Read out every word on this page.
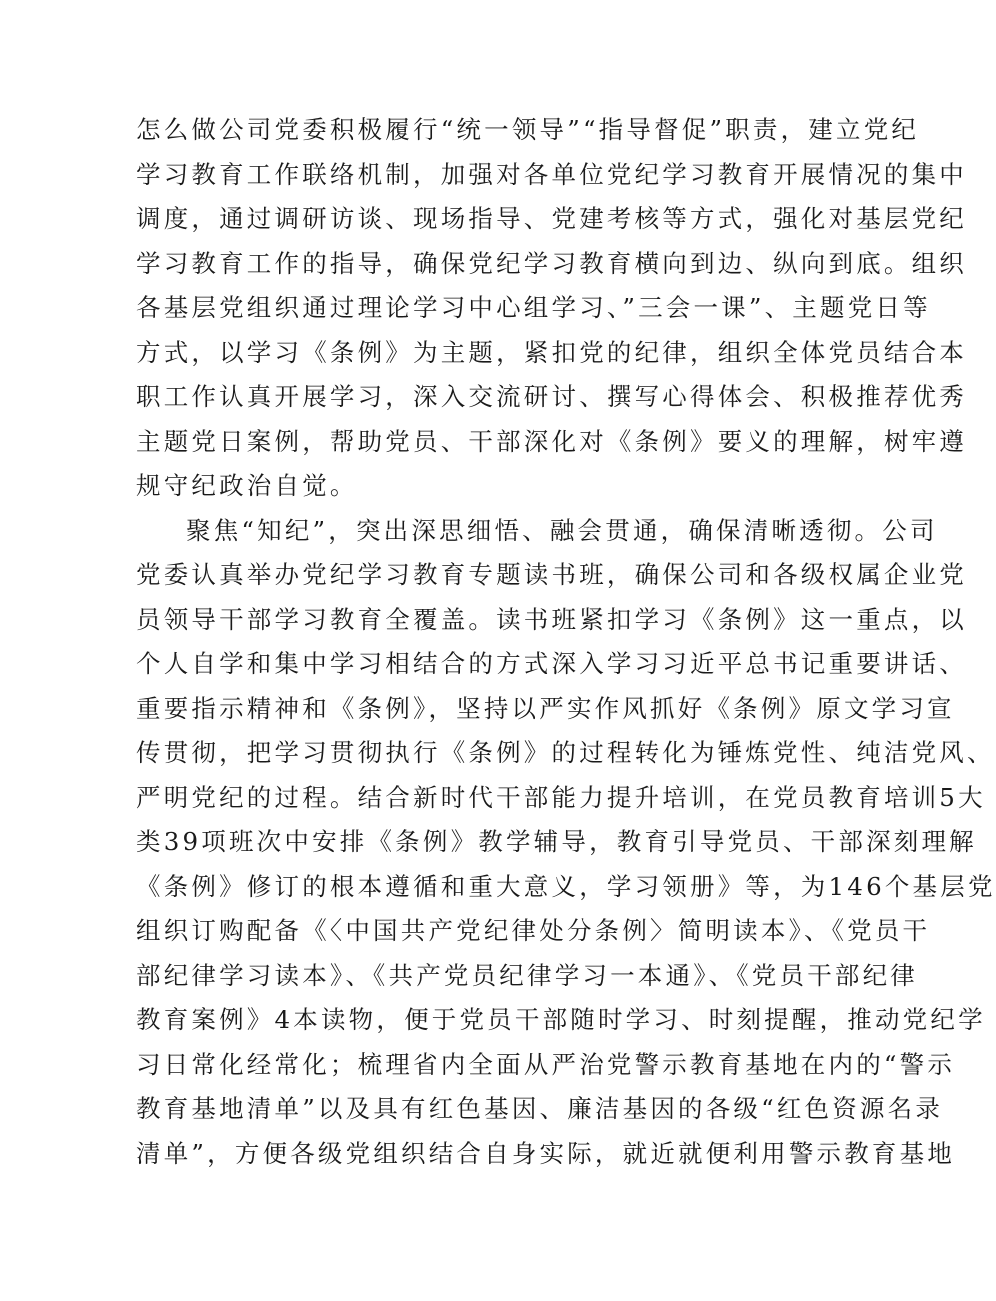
怎么做公司党委积极履行“统一领导”“指导督促”职责，建立党纪
学习教育工作联络机制，加强对各单位党纪学习教育开展情况的集中
调度，通过调研访谈、现场指导、党建考核等方式，强化对基层党纪
学习教育工作的指导，确保党纪学习教育横向到边、纵向到底。组织
各基层党组织通过理论学习中心组学习、”三会一课”、主题党日等
方式，以学习《条例》为主题，紧扣党的纪律，组织全体党员结合本
职工作认真开展学习，深入交流研讨、撰写心得体会、积极推荐优秀
主题党日案例，帮助党员、干部深化对《条例》要义的理解，树牢遵
规守纪政治自觉。

聚焦“知纪”，突出深思细悟、融会贯通，确保清晰透彻。公司
党委认真举办党纪学习教育专题读书班，确保公司和各级权属企业党
员领导干部学习教育全覆盖。读书班紧扣学习《条例》这一重点，以
个人自学和集中学习相结合的方式深入学习习近平总书记重要讲话、
重要指示精神和《条例》，坚持以严实作风抓好《条例》原文学习宣
传贯彻，把学习贯彻执行《条例》的过程转化为锤炼党性、纯洁党风、
严明党纪的过程。结合新时代干部能力提升培训，在党员教育培训5大
类39项班次中安排《条例》教学辅导，教育引导党员、干部深刻理解
《条例》修订的根本遵循和重大意义，学习领册》等，为146个基层党
组织订购配备《〈中国共产党纪律处分条例〉简明读本》、《党员干
部纪律学习读本》、《共产党员纪律学习一本通》、《党员干部纪律
教育案例》4本读物，便于党员干部随时学习、时刻提醒，推动党纪学
习日常化经常化；梳理省内全面从严治党警示教育基地在内的“警示
教育基地清单”以及具有红色基因、廉洁基因的各级“红色资源名录
清单”，方便各级党组织结合自身实际，就近就便利用警示教育基地
